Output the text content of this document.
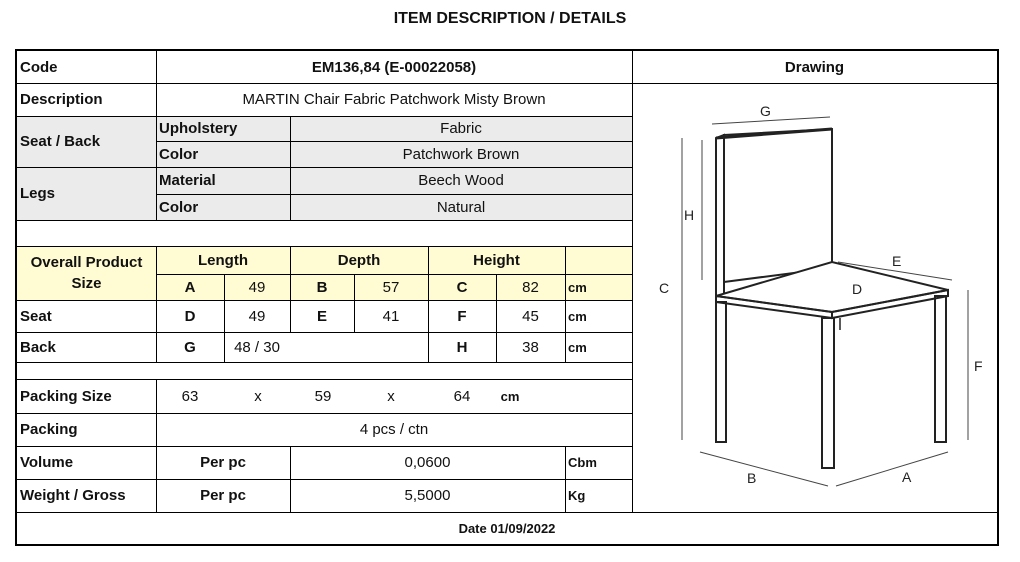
ITEM DESCRIPTION / DETAILS
Code	EM136,84 (E-00022058)	Drawing
Description	MARTIN Chair Fabric Patchwork Misty Brown
Seat / Back
Upholstery	Fabric
Color	Patchwork Brown
Legs
Material	Beech Wood
Color	Natural
Overall Product Size
Length	Depth	Height
A	49	B	57	C	82	cm
Seat	D	49	E	41	F	45	cm
Back	G	48 / 30	H	38	cm
Packing Size	63	x	59	x	64	cm
Packing	4 pcs / ctn
Volume	Per pc	0,0600	Cbm
Weight / Gross	Per pc	5,5000	Kg
Date 01/09/2022
G
H
C
E
D
F
B	A
